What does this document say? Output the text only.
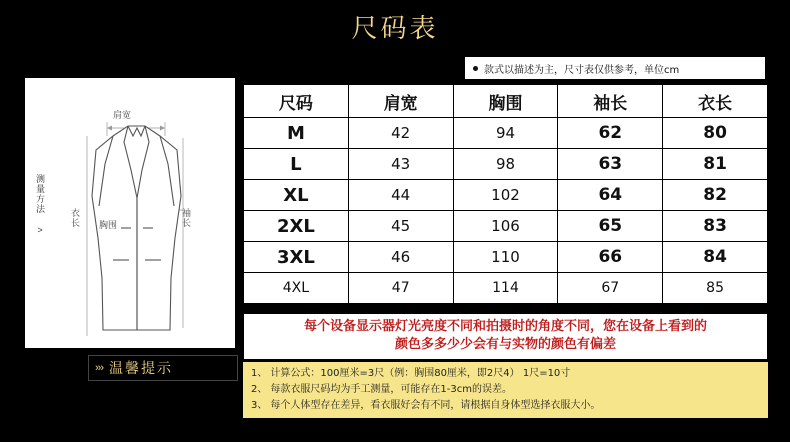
尺码表
测量方法 >
肩宽
胸围	袖长
衣长
››› 温馨提示
款式以描述为主，尺寸表仅供参考，单位cm
尺码	肩宽	胸围	袖长	衣长
M	42	94	62	80
L	43	98	63	81
XL	44	102	64	82
2XL	45	106	65	83
3XL	46	110	66	84
4XL	47	114	67	85
每个设备显示器灯光亮度不同和拍摄时的角度不同，您在设备上看到的
颜色多多少少会有与实物的颜色有偏差
1、 计算公式：100厘米=3尺（例：胸围80厘米，即2尺4） 1尺=10寸
2、 每款衣服尺码均为手工测量，可能存在1-3cm的误差。
3、 每个人体型存在差异，看衣服好会有不同，请根据自身体型选择衣服大小。
